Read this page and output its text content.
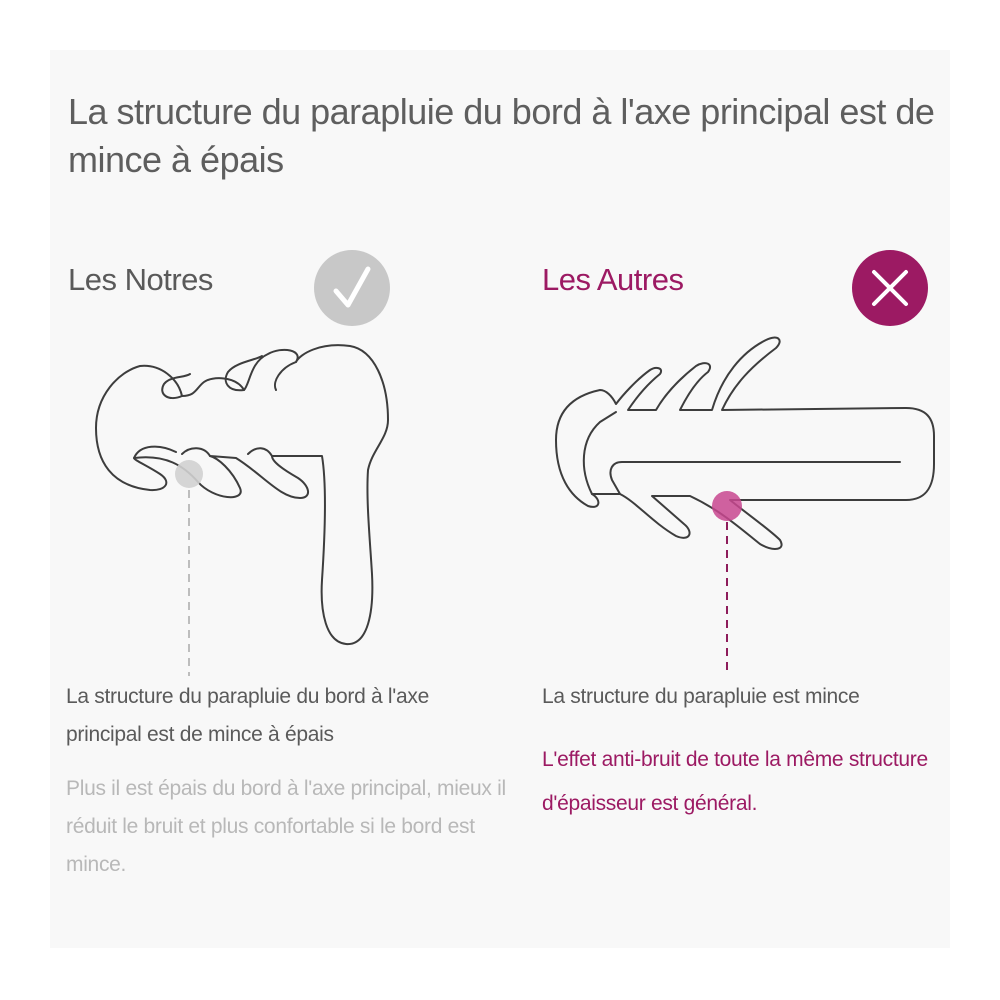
La structure du parapluie du bord à l'axe principal est de mince à épais
Les Notres

La structure du parapluie du bord à l'axe principal est de mince à épais

Plus il est épais du bord à l'axe principal, mieux il réduit le bruit et plus confortable si le bord est mince.

Les Autres

La structure du parapluie est mince

L'effet anti-bruit de toute la même structure d'épaisseur est général.
